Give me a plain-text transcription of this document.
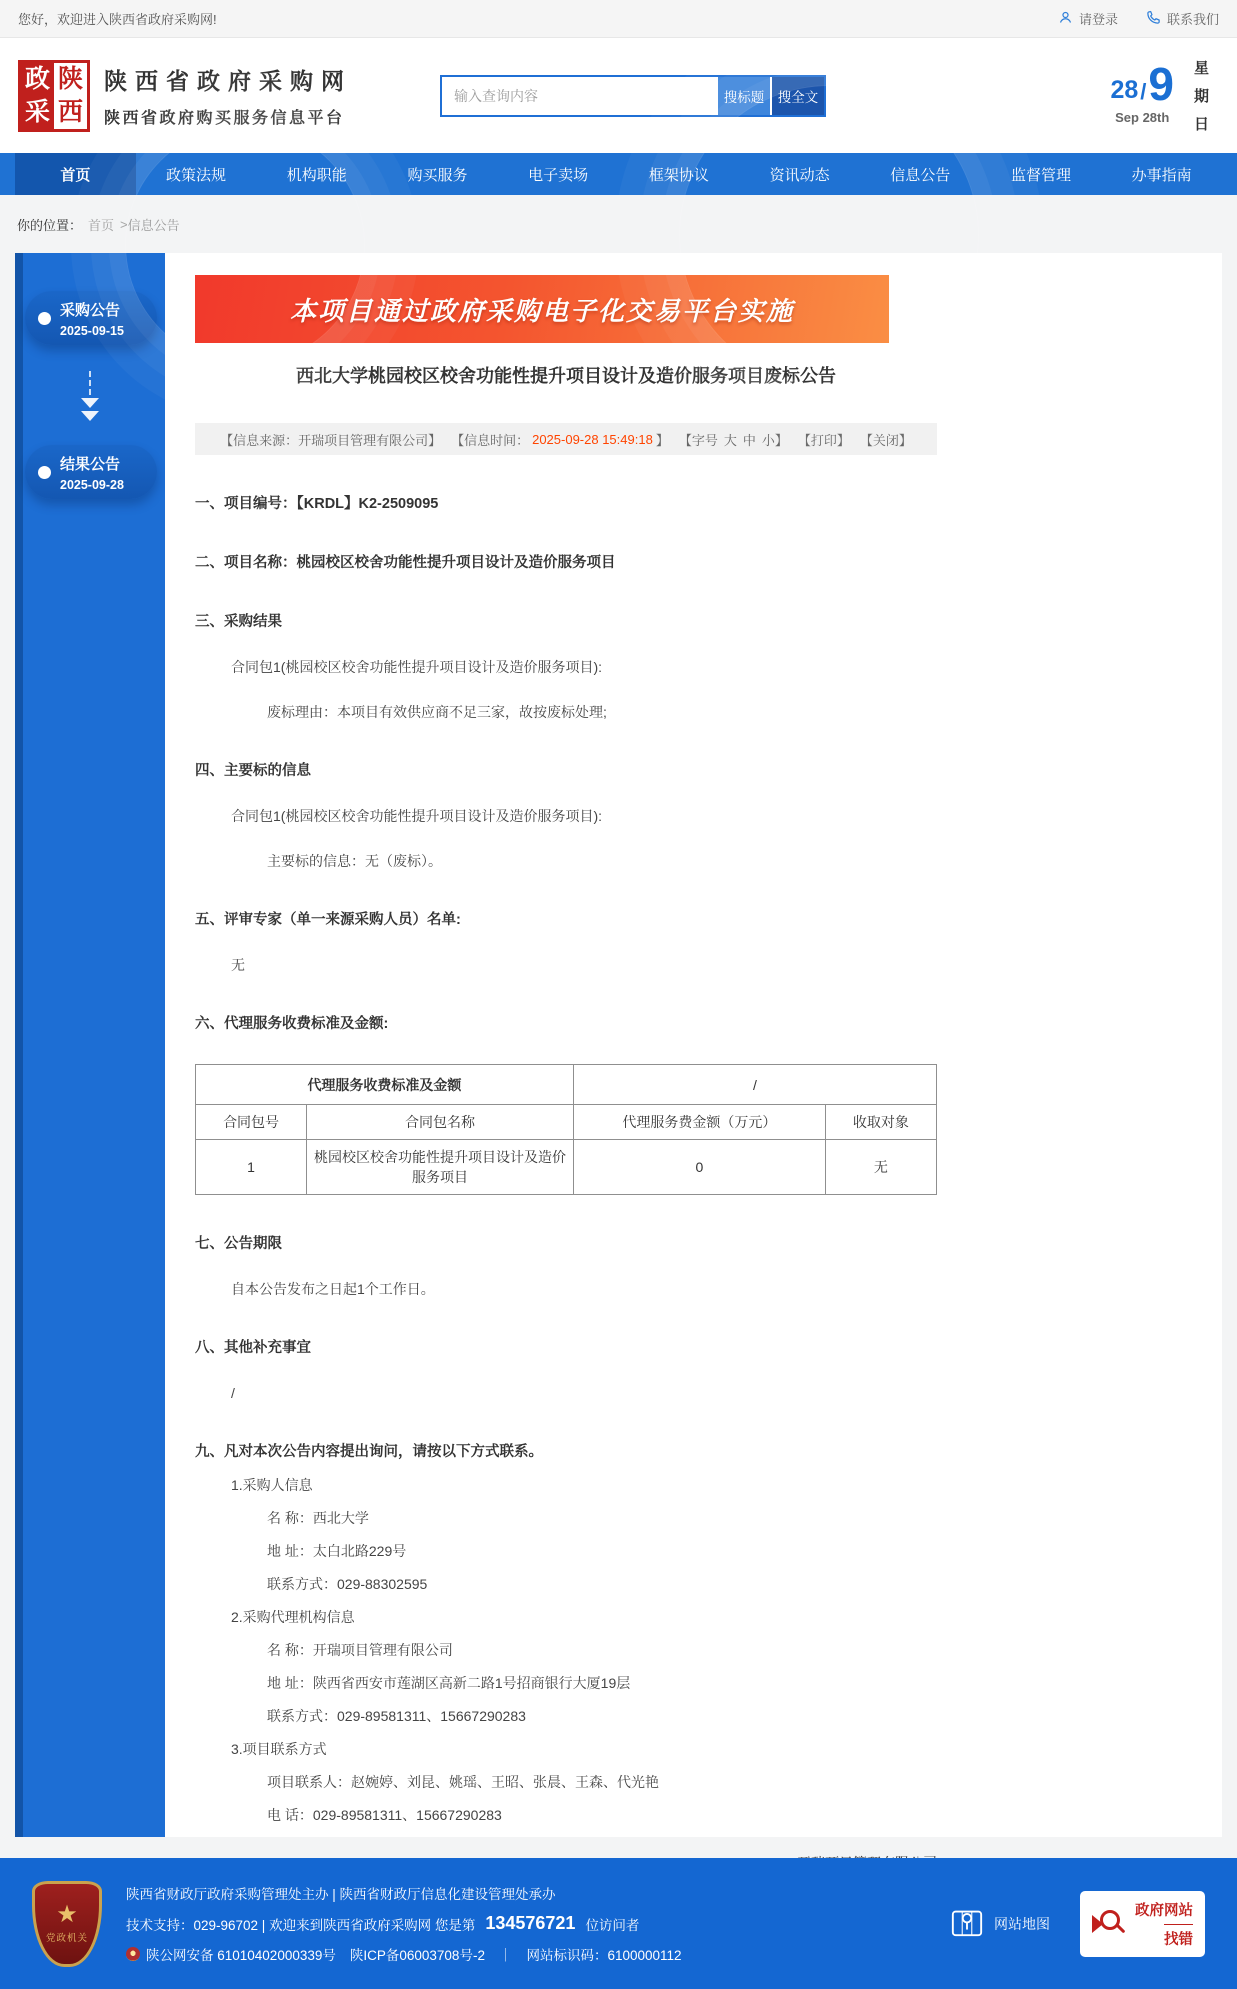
您好，欢迎进入陕西省政府采购网!	请登录	联系我们
政 陕
采 西
陕西省政府采购网
陕西省政府购买服务信息平台
输入查询内容
搜标题	搜全文	28 / 9
Sep 28th
星
期
日
首页	政策法规	机构职能	购买服务	电子卖场	框架协议	资讯动态	信息公告	监督管理	办事指南
你的位置： 首页 > 信息公告
采购公告
2025-09-15
结果公告
2025-09-28
本项目通过政府采购电子化交易平台实施
西北大学桃园校区校舍功能性提升项目设计及造价服务项目废标公告
【信息来源：开瑞项目管理有限公司】 【信息时间： 2025-09-28 15:49:18 】 【字号 大 中 小 】 【打印】 【关闭】
一、项目编号：【KRDL】K2-2509095
二、项目名称：桃园校区校舍功能性提升项目设计及造价服务项目
三、采购结果
合同包1(桃园校区校舍功能性提升项目设计及造价服务项目):
废标理由：本项目有效供应商不足三家，故按废标处理;
四、主要标的信息
合同包1(桃园校区校舍功能性提升项目设计及造价服务项目):
主要标的信息：无（废标）。
五、评审专家（单一来源采购人员）名单:
无
六、代理服务收费标准及金额:
代理服务收费标准及金额		/	
合同包号	合同包名称	代理服务费金额（万元）	收取对象
1	桃园校区校舍功能性提升项目设计及造价服务项目	0	无
七、公告期限
自本公告发布之日起1个工作日。
八、其他补充事宜
/
九、凡对本次公告内容提出询问，请按以下方式联系。
1.采购人信息
名 称：西北大学
地 址：太白北路229号
联系方式：029-88302595
2.采购代理机构信息
名 称：开瑞项目管理有限公司
地 址：陕西省西安市莲湖区高新二路1号招商银行大厦19层
联系方式：029-89581311、15667290283
3.项目联系方式
项目联系人：赵婉婷、刘昆、姚瑶、王昭、张晨、王森、代光艳
电 话：029-89581311、15667290283
★
党政机关
陕西省财政厅政府采购管理处主办 | 陕西省财政厅信息化建设管理处承办
技术支持：029-96702 | 欢迎来到陕西省政府采购网 您是第 134576721 位访问者
陕公网安备 61010402000339号 陕ICP备06003708号-2 ｜ 网站标识码：6100000112
网站地图
政府网站
找错
